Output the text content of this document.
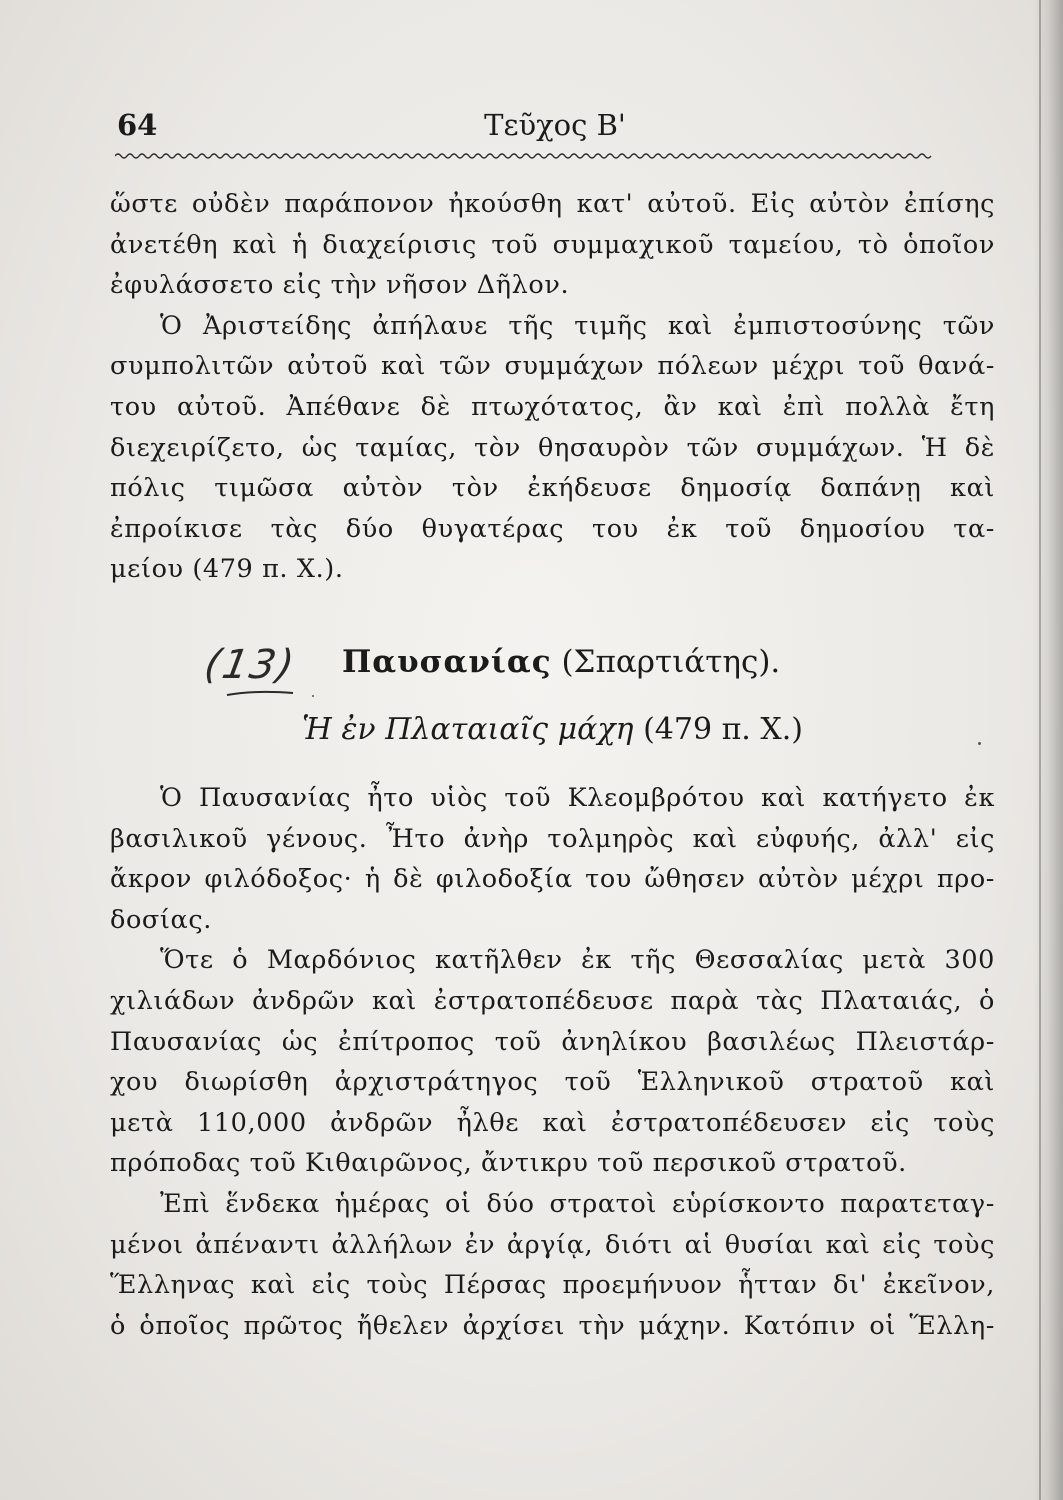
64	Τεῦχος Β'
ὥστε οὐδὲν παράπονον ἠκούσθη κατ' αὐτοῦ. Εἰς αὐτὸν ἐπίσης
ἀνετέθη καὶ ἡ διαχείρισις τοῦ συμμαχικοῦ ταμείου, τὸ ὁποῖον
ἐφυλάσσετο εἰς τὴν νῆσον Δῆλον.
Ὁ Ἀριστείδης ἀπήλαυε τῆς τιμῆς καὶ ἐμπιστοσύνης τῶν
συμπολιτῶν αὐτοῦ καὶ τῶν συμμάχων πόλεων μέχρι τοῦ θανά-
του αὐτοῦ. Ἀπέθανε δὲ πτωχότατος, ἂν καὶ ἐπὶ πολλὰ ἔτη
διεχειρίζετο, ὡς ταμίας, τὸν θησαυρὸν τῶν συμμάχων. Ἡ δὲ
πόλις τιμῶσα αὐτὸν τὸν ἐκήδευσε δημοσίᾳ δαπάνῃ καὶ
ἐπροίκισε τὰς δύο θυγατέρας του ἐκ τοῦ δημοσίου τα-
μείου (479 π. Χ.).
(13) Παυσανίας (Σπαρτιάτης).
Ἡ ἐν Πλαταιαῖς μάχη (479 π. Χ.)
Ὁ Παυσανίας ἦτο υἱὸς τοῦ Κλεομβρότου καὶ κατήγετο ἐκ
βασιλικοῦ γένους. Ἦτο ἀνὴρ τολμηρὸς καὶ εὐφυής, ἀλλ' εἰς
ἄκρον φιλόδοξος· ἡ δὲ φιλοδοξία του ὤθησεν αὐτὸν μέχρι προ-
δοσίας.
Ὅτε ὁ Μαρδόνιος κατῆλθεν ἐκ τῆς Θεσσαλίας μετὰ 300
χιλιάδων ἀνδρῶν καὶ ἐστρατοπέδευσε παρὰ τὰς Πλαταιάς, ὁ
Παυσανίας ὡς ἐπίτροπος τοῦ ἀνηλίκου βασιλέως Πλειστάρ-
χου διωρίσθη ἀρχιστράτηγος τοῦ Ἑλληνικοῦ στρατοῦ καὶ
μετὰ 110,000 ἀνδρῶν ἦλθε καὶ ἐστρατοπέδευσεν εἰς τοὺς
πρόποδας τοῦ Κιθαιρῶνος, ἄντικρυ τοῦ περσικοῦ στρατοῦ.
Ἐπὶ ἕνδεκα ἡμέρας οἱ δύο στρατοὶ εὑρίσκοντο παρατεταγ-
μένοι ἀπέναντι ἀλλήλων ἐν ἀργίᾳ, διότι αἱ θυσίαι καὶ εἰς τοὺς
Ἕλληνας καὶ εἰς τοὺς Πέρσας προεμήνυον ἧτταν δι' ἐκεῖνον,
ὁ ὁποῖος πρῶτος ἤθελεν ἀρχίσει τὴν μάχην. Κατόπιν οἱ Ἕλλη-
